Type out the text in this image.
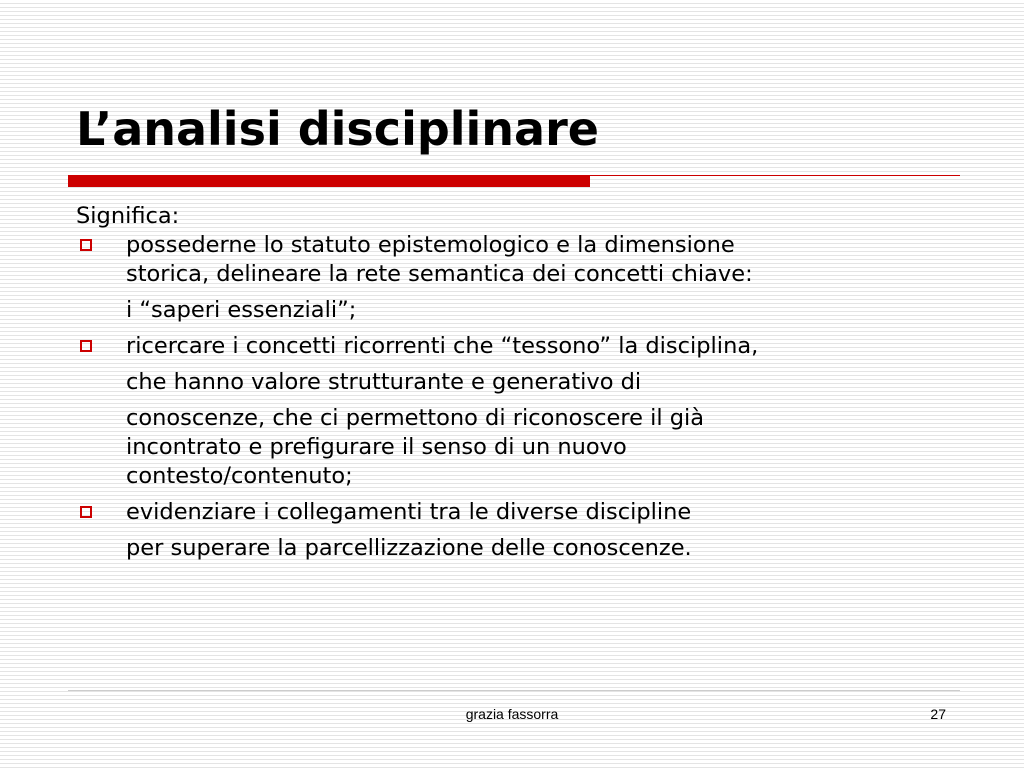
L’analisi disciplinare

Significa:

possederne lo statuto epistemologico e la dimensione
storica, delineare la rete semantica dei concetti chiave:
i “saperi essenziali”;
ricercare i concetti ricorrenti che “tessono” la disciplina,
che hanno valore strutturante e generativo di
conoscenze, che ci permettono di riconoscere il già
incontrato e prefigurare il senso di un nuovo
contesto/contenuto;
evidenziare i collegamenti tra le diverse discipline
per superare la parcellizzazione delle conoscenze.
grazia fassorra	27
